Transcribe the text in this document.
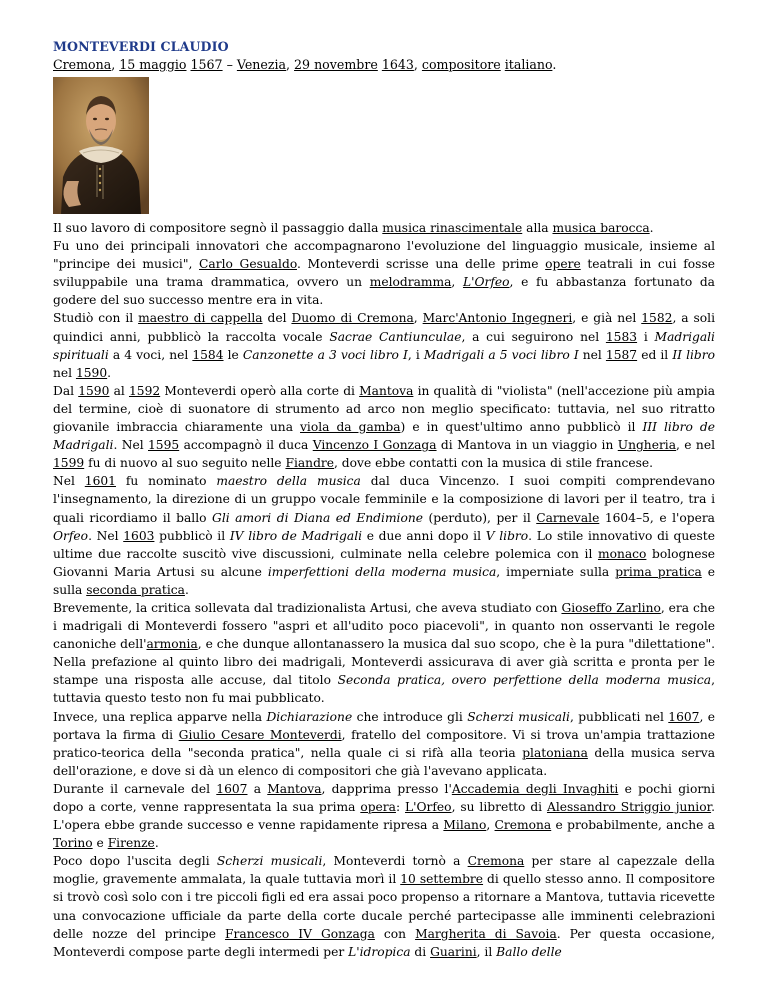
MONTEVERDI CLAUDIO

Cremona, 15 maggio 1567 – Venezia, 29 novembre 1643, compositore italiano.

Il suo lavoro di compositore segnò il passaggio dalla musica rinascimentale alla musica barocca.

Fu uno dei principali innovatori che accompagnarono l'evoluzione del linguaggio musicale, insieme al "principe dei musici", Carlo Gesualdo. Monteverdi scrisse una delle prime opere teatrali in cui fosse sviluppabile una trama drammatica, ovvero un melodramma, L'Orfeo, e fu abbastanza fortunato da godere del suo successo mentre era in vita.

Studiò con il maestro di cappella del Duomo di Cremona, Marc'Antonio Ingegneri, e già nel 1582, a soli quindici anni, pubblicò la raccolta vocale Sacrae Cantiunculae, a cui seguirono nel 1583 i Madrigali spirituali a 4 voci, nel 1584 le Canzonette a 3 voci libro I, i Madrigali a 5 voci libro I nel 1587 ed il II libro nel 1590.

Dal 1590 al 1592 Monteverdi operò alla corte di Mantova in qualità di "violista" (nell'accezione più ampia del termine, cioè di suonatore di strumento ad arco non meglio specificato: tuttavia, nel suo ritratto giovanile imbraccia chiaramente una viola da gamba) e in quest'ultimo anno pubblicò il III libro de Madrigali. Nel 1595 accompagnò il duca Vincenzo I Gonzaga di Mantova in un viaggio in Ungheria, e nel 1599 fu di nuovo al suo seguito nelle Fiandre, dove ebbe contatti con la musica di stile francese.

Nel 1601 fu nominato maestro della musica dal duca Vincenzo. I suoi compiti comprendevano l'insegnamento, la direzione di un gruppo vocale femminile e la composizione di lavori per il teatro, tra i quali ricordiamo il ballo Gli amori di Diana ed Endimione (perduto), per il Carnevale 1604–5, e l'opera Orfeo. Nel 1603 pubblicò il IV libro de Madrigali e due anni dopo il V libro. Lo stile innovativo di queste ultime due raccolte suscitò vive discussioni, culminate nella celebre polemica con il monaco bolognese Giovanni Maria Artusi su alcune imperfettioni della moderna musica, imperniate sulla prima pratica e sulla seconda pratica.

Brevemente, la critica sollevata dal tradizionalista Artusi, che aveva studiato con Gioseffo Zarlino, era che i madrigali di Monteverdi fossero "aspri et all'udito poco piacevoli", in quanto non osservanti le regole canoniche dell'armonia, e che dunque allontanassero la musica dal suo scopo, che è la pura "dilettatione". Nella prefazione al quinto libro dei madrigali, Monteverdi assicurava di aver già scritta e pronta per le stampe una risposta alle accuse, dal titolo Seconda pratica, overo perfettione della moderna musica, tuttavia questo testo non fu mai pubblicato.

Invece, una replica apparve nella Dichiarazione che introduce gli Scherzi musicali, pubblicati nel 1607, e portava la firma di Giulio Cesare Monteverdi, fratello del compositore. Vi si trova un'ampia trattazione pratico-teorica della "seconda pratica", nella quale ci si rifà alla teoria platoniana della musica serva dell'orazione, e dove si dà un elenco di compositori che già l'avevano applicata.

Durante il carnevale del 1607 a Mantova, dapprima presso l'Accademia degli Invaghiti e pochi giorni dopo a corte, venne rappresentata la sua prima opera: L'Orfeo, su libretto di Alessandro Striggio junior. L'opera ebbe grande successo e venne rapidamente ripresa a Milano, Cremona e probabilmente, anche a Torino e Firenze.

Poco dopo l'uscita degli Scherzi musicali, Monteverdi tornò a Cremona per stare al capezzale della moglie, gravemente ammalata, la quale tuttavia morì il 10 settembre di quello stesso anno. Il compositore si trovò così solo con i tre piccoli figli ed era assai poco propenso a ritornare a Mantova, tuttavia ricevette una convocazione ufficiale da parte della corte ducale perché partecipasse alle imminenti celebrazioni delle nozze del principe Francesco IV Gonzaga con Margherita di Savoia. Per questa occasione, Monteverdi compose parte degli intermedi per L'idropica di Guarini, il Ballo delle
